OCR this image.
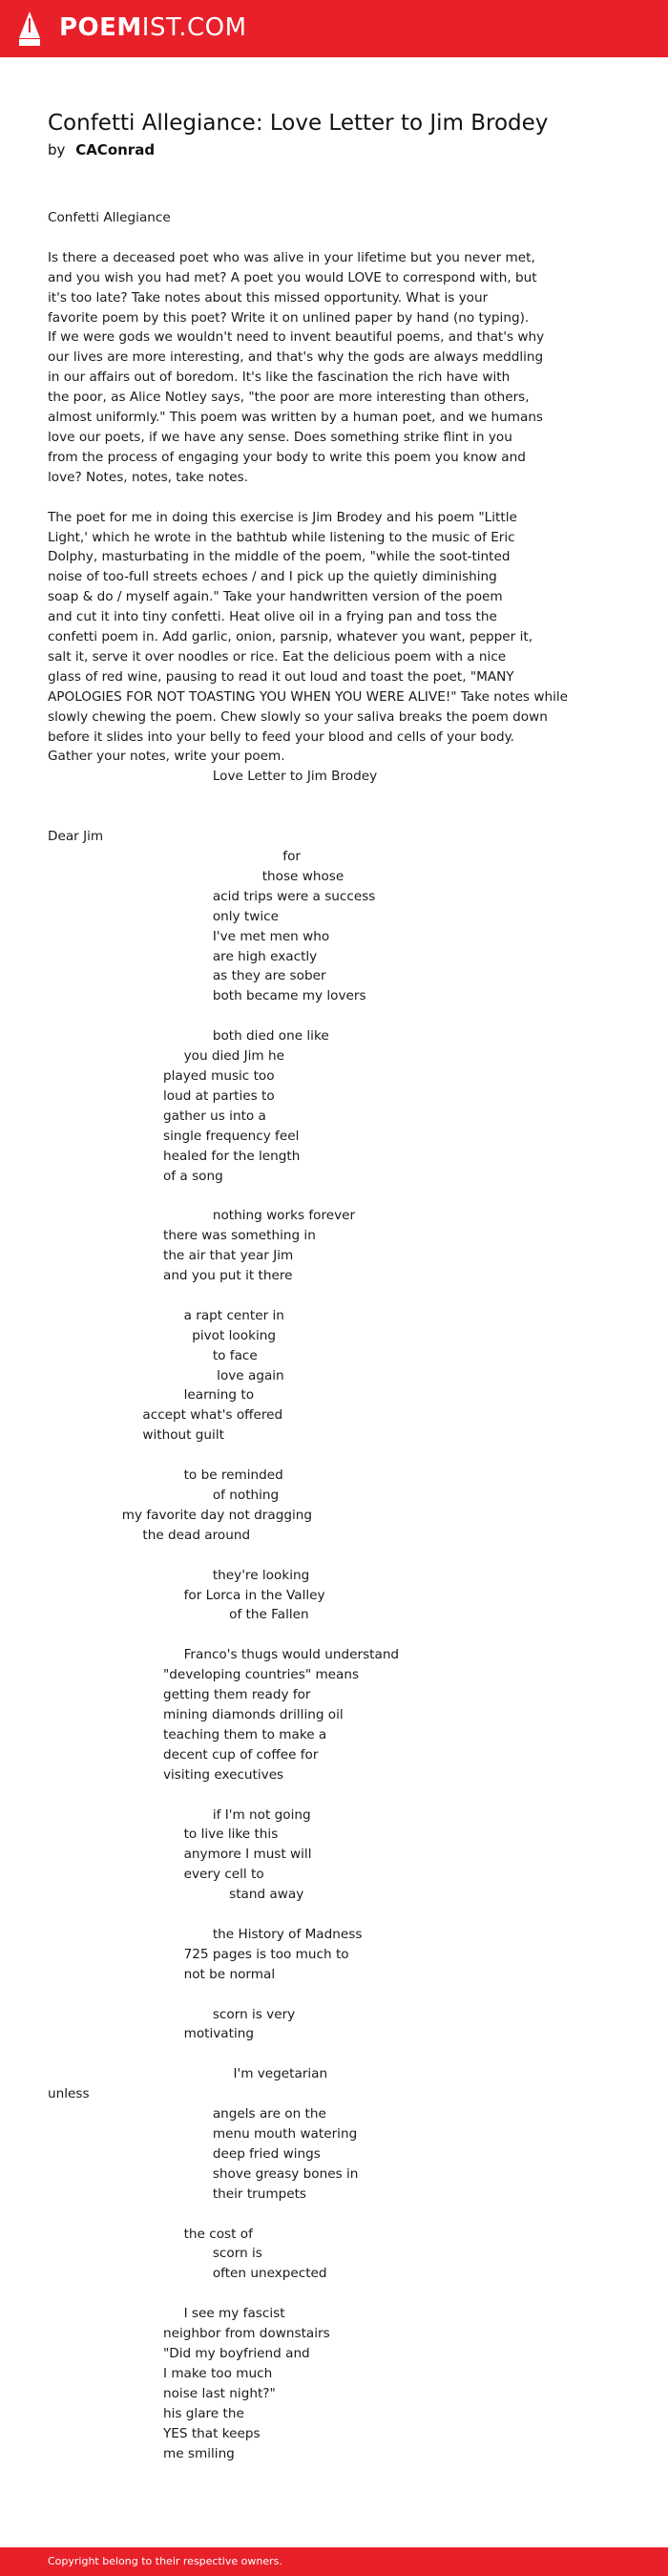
POEMIST.COM
Confetti Allegiance: Love Letter to Jim Brodey
by CAConrad
Confetti Allegiance

Is there a deceased poet who was alive in your lifetime but you never met,
and you wish you had met? A poet you would LOVE to correspond with, but
it's too late? Take notes about this missed opportunity. What is your
favorite poem by this poet? Write it on unlined paper by hand (no typing).
If we were gods we wouldn't need to invent beautiful poems, and that's why
our lives are more interesting, and that's why the gods are always meddling
in our affairs out of boredom. It's like the fascination the rich have with
the poor, as Alice Notley says, "the poor are more interesting than others,
almost uniformly." This poem was written by a human poet, and we humans
love our poets, if we have any sense. Does something strike flint in you
from the process of engaging your body to write this poem you know and
love? Notes, notes, take notes.

The poet for me in doing this exercise is Jim Brodey and his poem "Little
Light,' which he wrote in the bathtub while listening to the music of Eric
Dolphy, masturbating in the middle of the poem, "while the soot-tinted
noise of too-full streets echoes / and I pick up the quietly diminishing
soap & do / myself again." Take your handwritten version of the poem
and cut it into tiny confetti. Heat olive oil in a frying pan and toss the
confetti poem in. Add garlic, onion, parsnip, whatever you want, pepper it,
salt it, serve it over noodles or rice. Eat the delicious poem with a nice
glass of red wine, pausing to read it out loud and toast the poet, "MANY
APOLOGIES FOR NOT TOASTING YOU WHEN YOU WERE ALIVE!" Take notes while
slowly chewing the poem. Chew slowly so your saliva breaks the poem down
before it slides into your belly to feed your blood and cells of your body.
Gather your notes, write your poem.
Love Letter to Jim Brodey

Dear Jim
for
those whose
acid trips were a success
only twice
I've met men who
are high exactly
as they are sober
both became my lovers

both died one like
you died Jim he
played music too
loud at parties to
gather us into a
single frequency feel
healed for the length
of a song

nothing works forever
there was something in
the air that year Jim
and you put it there

a rapt center in
pivot looking
to face
love again
learning to
accept what's offered
without guilt

to be reminded
of nothing
my favorite day not dragging
the dead around

they're looking
for Lorca in the Valley
of the Fallen

Franco's thugs would understand
"developing countries" means
getting them ready for
mining diamonds drilling oil
teaching them to make a
decent cup of coffee for
visiting executives

if I'm not going
to live like this
anymore I must will
every cell to
stand away

the History of Madness
725 pages is too much to
not be normal

scorn is very
motivating

I'm vegetarian
unless
angels are on the
menu mouth watering
deep fried wings
shove greasy bones in
their trumpets

the cost of
scorn is
often unexpected

I see my fascist
neighbor from downstairs
"Did my boyfriend and
I make too much
noise last night?"
his glare the
YES that keeps
me smiling
Copyright belong to their respective owners.
